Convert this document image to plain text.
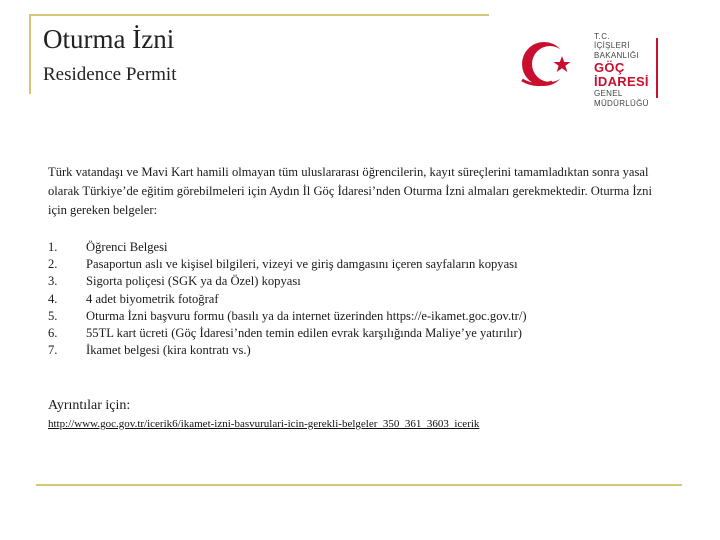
Oturma İzni
Residence Permit
T.C.
İÇİŞLERİ BAKANLIĞI
GÖÇ İDARESİ
GENEL MÜDÜRLÜĞÜ
Türk vatandaşı ve Mavi Kart hamili olmayan tüm uluslararası öğrencilerin, kayıt süreçlerini tamamladıktan sonra yasal olarak Türkiye’de eğitim görebilmeleri için Aydın İl Göç İdaresi’nden Oturma İzni almaları gerekmektedir. Oturma İzni için gereken belgeler:
1.	Öğrenci Belgesi
2.	Pasaportun aslı ve kişisel bilgileri, vizeyi ve giriş damgasını içeren sayfaların kopyası
3.	Sigorta poliçesi (SGK ya da Özel) kopyası
4.	4 adet biyometrik fotoğraf
5.	Oturma İzni başvuru formu (basılı ya da internet üzerinden https://e-ikamet.goc.gov.tr/)
6.	55TL kart ücreti (Göç İdaresi’nden temin edilen evrak karşılığında Maliye’ye yatırılır)
7.	İkamet belgesi (kira kontratı vs.)
Ayrıntılar için:
http://www.goc.gov.tr/icerik6/ikamet-izni-basvurulari-icin-gerekli-belgeler_350_361_3603_icerik
